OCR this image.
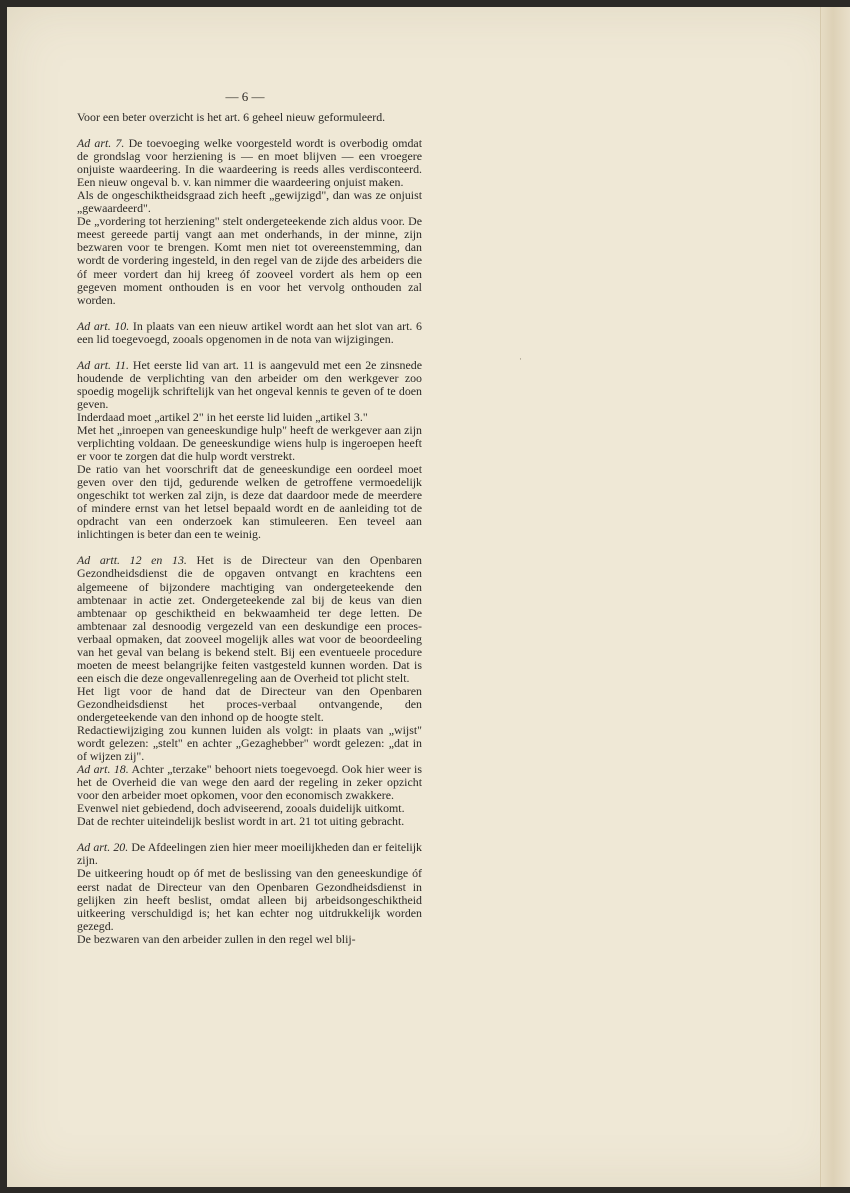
— 6 —

Voor een beter overzicht is het art. 6 geheel nieuw geformuleerd.

Ad art. 7. De toevoeging welke voorgesteld wordt is overbodig omdat de grondslag voor herziening is — en moet blijven — een vroegere onjuiste waardeering. In die waardeering is reeds alles verdisconteerd. Een nieuw ongeval b. v. kan nimmer die waardeering onjuist maken.

Als de ongeschiktheidsgraad zich heeft „gewijzigd", dan was ze onjuist „gewaardeerd".

De „vordering tot herziening" stelt ondergeteekende zich aldus voor. De meest gereede partij vangt aan met onderhands, in der minne, zijn bezwaren voor te brengen. Komt men niet tot overeenstemming, dan wordt de vordering ingesteld, in den regel van de zijde des arbeiders die óf meer vordert dan hij kreeg óf zooveel vordert als hem op een gegeven moment onthouden is en voor het vervolg onthouden zal worden.

Ad art. 10. In plaats van een nieuw artikel wordt aan het slot van art. 6 een lid toegevoegd, zooals opgenomen in de nota van wijzigingen.

Ad art. 11. Het eerste lid van art. 11 is aangevuld met een 2e zinsnede houdende de verplichting van den arbeider om den werkgever zoo spoedig mogelijk schriftelijk van het ongeval kennis te geven of te doen geven.

Inderdaad moet „artikel 2" in het eerste lid luiden „artikel 3."

Met het „inroepen van geneeskundige hulp" heeft de werkgever aan zijn verplichting voldaan. De geneeskundige wiens hulp is ingeroepen heeft er voor te zorgen dat die hulp wordt verstrekt.

De ratio van het voorschrift dat de geneeskundige een oordeel moet geven over den tijd, gedurende welken de getroffene vermoedelijk ongeschikt tot werken zal zijn, is deze dat daardoor mede de meerdere of mindere ernst van het letsel bepaald wordt en de aanleiding tot de opdracht van een onderzoek kan stimuleeren. Een teveel aan inlichtingen is beter dan een te weinig.

Ad artt. 12 en 13. Het is de Directeur van den Openbaren Gezondheidsdienst die de opgaven ontvangt en krachtens een algemeene of bijzondere machtiging van ondergeteekende den ambtenaar in actie zet. Ondergeteekende zal bij de keus van dien ambtenaar op geschiktheid en bekwaamheid ter dege letten. De ambtenaar zal desnoodig vergezeld van een deskundige een proces-verbaal opmaken, dat zooveel mogelijk alles wat voor de beoordeeling van het geval van belang is bekend stelt. Bij een eventueele procedure moeten de meest belangrijke feiten vastgesteld kunnen worden. Dat is een eisch die deze ongevallenregeling aan de Overheid tot plicht stelt.

Het ligt voor de hand dat de Directeur van den Openbaren Gezondheidsdienst het proces-verbaal ontvangende, den ondergeteekende van den inhond op de hoogte stelt.

Redactiewijziging zou kunnen luiden als volgt: in plaats van „wijst" wordt gelezen: „stelt" en achter „Gezaghebber" wordt gelezen: „dat in of wijzen zij".

Ad art. 18. Achter „terzake" behoort niets toegevoegd. Ook hier weer is het de Overheid die van wege den aard der regeling in zeker opzicht voor den arbeider moet opkomen, voor den economisch zwakkere.

Evenwel niet gebiedend, doch adviseerend, zooals duidelijk uitkomt.

Dat de rechter uiteindelijk beslist wordt in art. 21 tot uiting gebracht.

Ad art. 20. De Afdeelingen zien hier meer moeilijkheden dan er feitelijk zijn.

De uitkeering houdt op óf met de beslissing van den geneeskundige óf eerst nadat de Directeur van den Openbaren Gezondheidsdienst in gelijken zin heeft beslist, omdat alleen bij arbeidsongeschiktheid uitkeering verschuldigd is; het kan echter nog uitdrukkelijk worden gezegd.

De bezwaren van den arbeider zullen in den regel wel blij-

·
